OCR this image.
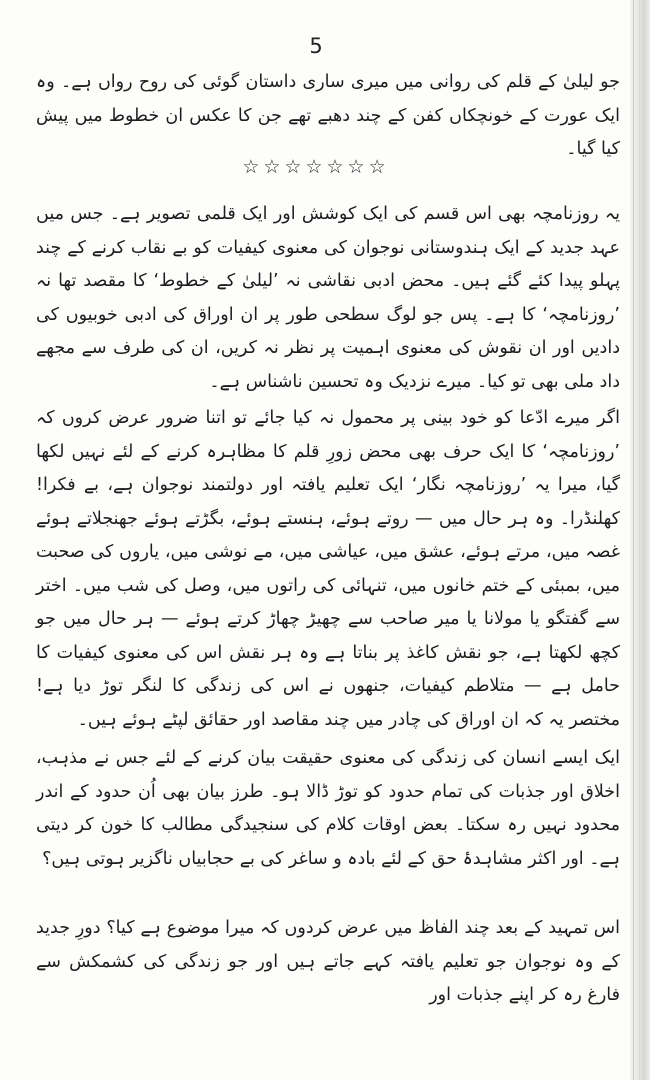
5
جو لیلیٰ کے قلم کی روانی میں میری ساری داستان گوئی کی روح رواں ہے۔ وہ ایک عورت کے خونچکاں کفن کے چند دھبے تھے جن کا عکس ان خطوط میں پیش کیا گیا۔
☆☆☆☆☆☆☆
یہ روزنامچہ بھی اس قسم کی ایک کوشش اور ایک قلمی تصویر ہے۔ جس میں عہد جدید کے ایک ہندوستانی نوجوان کی معنوی کیفیات کو بے نقاب کرنے کے چند پہلو پیدا کئے گئے ہیں۔ محض ادبی نقاشی نہ ’لیلیٰ کے خطوط‘ کا مقصد تھا نہ ’روزنامچہ‘ کا ہے۔ پس جو لوگ سطحی طور پر ان اوراق کی ادبی خوبیوں کی دادیں اور ان نقوش کی معنوی اہمیت پر نظر نہ کریں، ان کی طرف سے مجھے داد ملی بھی تو کیا۔ میرے نزدیک وہ تحسین ناشناس ہے۔
اگر میرے ادّعا کو خود بینی پر محمول نہ کیا جائے تو اتنا ضرور عرض کروں کہ ’روزنامچہ‘ کا ایک حرف بھی محض زورِ قلم کا مظاہرہ کرنے کے لئے نہیں لکھا گیا، میرا یہ ’روزنامچہ نگار‘ ایک تعلیم یافتہ اور دولتمند نوجوان ہے، بے فکرا! کھلنڈرا۔ وہ ہر حال میں — روتے ہوئے، ہنستے ہوئے، بگڑتے ہوئے جھنجلاتے ہوئے غصہ میں، مرتے ہوئے، عشق میں، عیاشی میں، مے نوشی میں، یاروں کی صحبت میں، بمبئی کے ختم خانوں میں، تنہائی کی راتوں میں، وصل کی شب میں۔ اختر سے گفتگو یا مولانا یا میر صاحب سے چھیڑ چھاڑ کرتے ہوئے — ہر حال میں جو کچھ لکھتا ہے، جو نقش کاغذ پر بناتا ہے وہ ہر نقش اس کی معنوی کیفیات کا حامل ہے — متلاطم کیفیات، جنھوں نے اس کی زندگی کا لنگر توڑ دیا ہے! مختصر یہ کہ ان اوراق کی چادر میں چند مقاصد اور حقائق لپٹے ہوئے ہیں۔
ایک ایسے انسان کی زندگی کی معنوی حقیقت بیان کرنے کے لئے جس نے مذہب، اخلاق اور جذبات کی تمام حدود کو توڑ ڈالا ہو۔ طرز بیان بھی اُن حدود کے اندر محدود نہیں رہ سکتا۔ بعض اوقات کلام کی سنجیدگی مطالب کا خون کر دیتی ہے۔ اور اکثر مشاہدۂ حق کے لئے بادہ و ساغر کی بے حجابیاں ناگزیر ہوتی ہیں؟
اس تمہید کے بعد چند الفاظ میں عرض کردوں کہ میرا موضوع ہے کیا؟ دورِ جدید کے وہ نوجوان جو تعلیم یافتہ کہے جاتے ہیں اور جو زندگی کی کشمکش سے فارغ رہ کر اپنے جذبات اور
